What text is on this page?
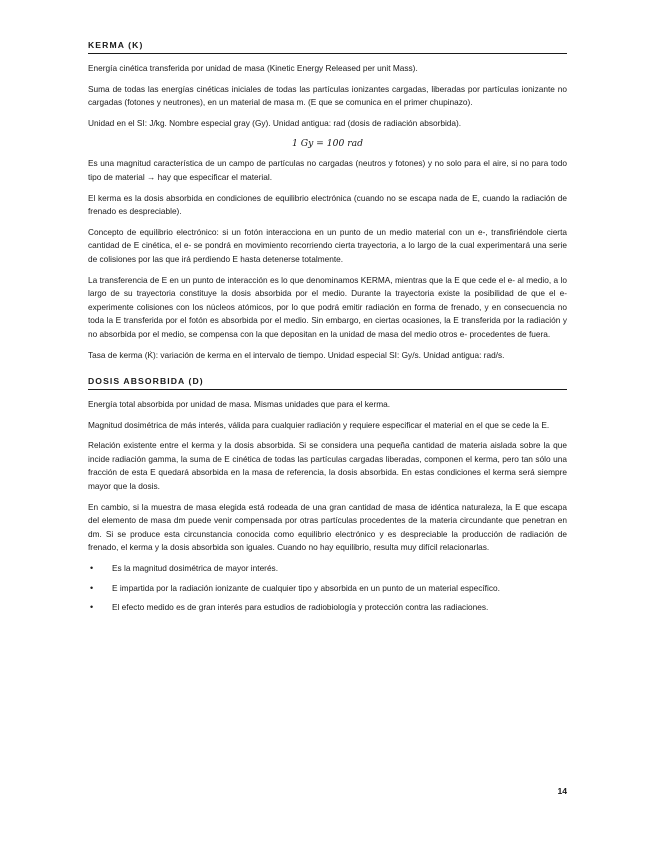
KERMA (K)

Energía cinética transferida por unidad de masa (Kinetic Energy Released per unit Mass).

Suma de todas las energías cinéticas iniciales de todas las partículas ionizantes cargadas, liberadas por partículas ionizante no cargadas (fotones y neutrones), en un material de masa m. (E que se comunica en el primer chupinazo).

Unidad en el SI: J/kg. Nombre especial gray (Gy). Unidad antigua: rad (dosis de radiación absorbida).

1 Gy = 100 rad

Es una magnitud característica de un campo de partículas no cargadas (neutros y fotones) y no solo para el aire, si no para todo tipo de material → hay que especificar el material.

El kerma es la dosis absorbida en condiciones de equilibrio electrónica (cuando no se escapa nada de E, cuando la radiación de frenado es despreciable).

Concepto de equilibrio electrónico: si un fotón interacciona en un punto de un medio material con un e-, transfiriéndole cierta cantidad de E cinética, el e- se pondrá en movimiento recorriendo cierta trayectoria, a lo largo de la cual experimentará una serie de colisiones por las que irá perdiendo E hasta detenerse totalmente.

La transferencia de E en un punto de interacción es lo que denominamos KERMA, mientras que la E que cede el e- al medio, a lo largo de su trayectoria constituye la dosis absorbida por el medio. Durante la trayectoria existe la posibilidad de que el e- experimente colisiones con los núcleos atómicos, por lo que podrá emitir radiación en forma de frenado, y en consecuencia no toda la E transferida por el fotón es absorbida por el medio. Sin embargo, en ciertas ocasiones, la E transferida por la radiación y no absorbida por el medio, se compensa con la que depositan en la unidad de masa del medio otros e- procedentes de fuera.

Tasa de kerma (K̇): variación de kerma en el intervalo de tiempo. Unidad especial SI: Gy/s. Unidad antigua: rad/s.

DOSIS ABSORBIDA (D)

Energía total absorbida por unidad de masa. Mismas unidades que para el kerma.

Magnitud dosimétrica de más interés, válida para cualquier radiación y requiere especificar el material en el que se cede la E.

Relación existente entre el kerma y la dosis absorbida. Si se considera una pequeña cantidad de materia aislada sobre la que incide radiación gamma, la suma de E cinética de todas las partículas cargadas liberadas, componen el kerma, pero tan sólo una fracción de esta E quedará absorbida en la masa de referencia, la dosis absorbida. En estas condiciones el kerma será siempre mayor que la dosis.

En cambio, si la muestra de masa elegida está rodeada de una gran cantidad de masa de idéntica naturaleza, la E que escapa del elemento de masa dm puede venir compensada por otras partículas procedentes de la materia circundante que penetran en dm. Si se produce esta circunstancia conocida como equilibrio electrónico y es despreciable la producción de radiación de frenado, el kerma y la dosis absorbida son iguales. Cuando no hay equilibrio, resulta muy difícil relacionarlas.

• Es la magnitud dosimétrica de mayor interés.
• E impartida por la radiación ionizante de cualquier tipo y absorbida en un punto de un material específico.
• El efecto medido es de gran interés para estudios de radiobiología y protección contra las radiaciones.
14
